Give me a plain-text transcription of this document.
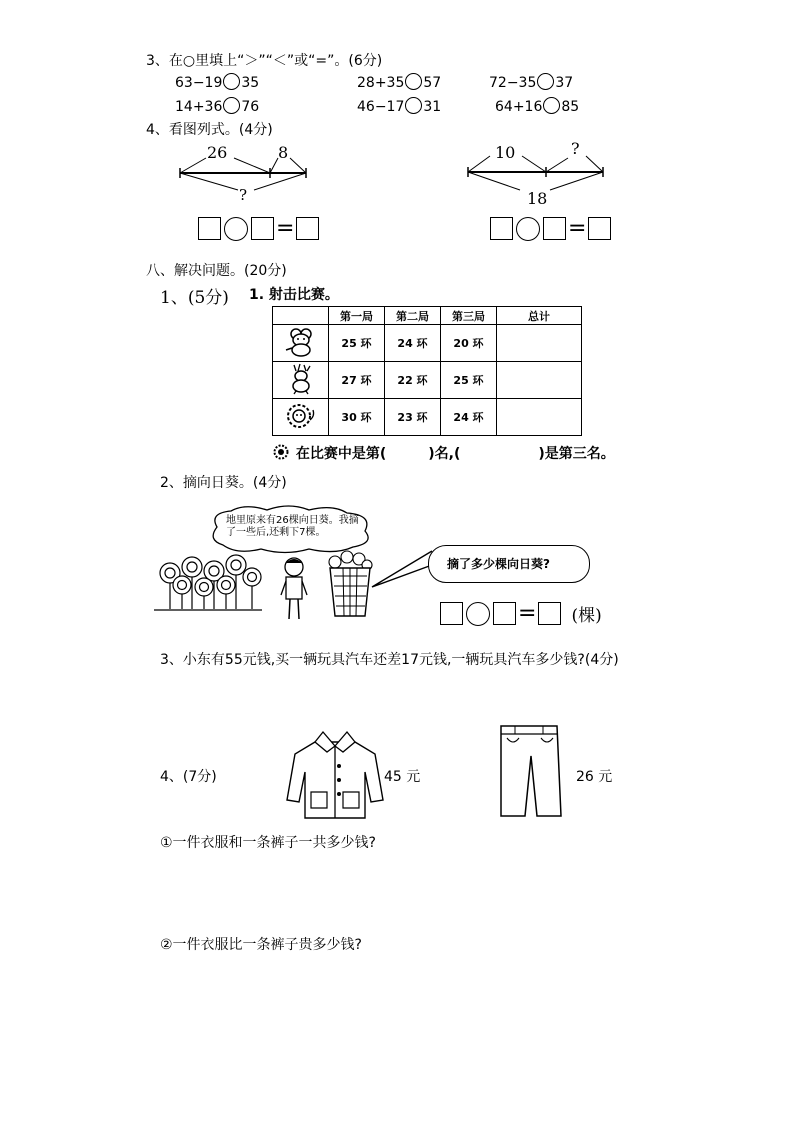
3、在○里填上“＞”“＜”或“=”。(6分)
63−19 35	28+35 57	72−35 37
14+36 76	46−17 31	64+16 85
4、看图列式。(4分)
26	8
?
10	?
18
=	=
八、解决问题。(20分)
1、(5分) 1. 射击比赛。
	第一局	第二局	第三局	总计
	25 环	24 环	20 环	
	27 环	22 环	25 环	
	30 环	23 环	24 环	
在比赛中是第(	)名,(	)是第三名。
2、摘向日葵。(4分)
地里原来有26棵向日葵。我摘了一些后,还剩下7棵。
摘了多少棵向日葵?
= (棵)
3、小东有55元钱,买一辆玩具汽车还差17元钱,一辆玩具汽车多少钱?(4分)
4、(7分)	45 元	26 元
①一件衣服和一条裤子一共多少钱?
②一件衣服比一条裤子贵多少钱?
